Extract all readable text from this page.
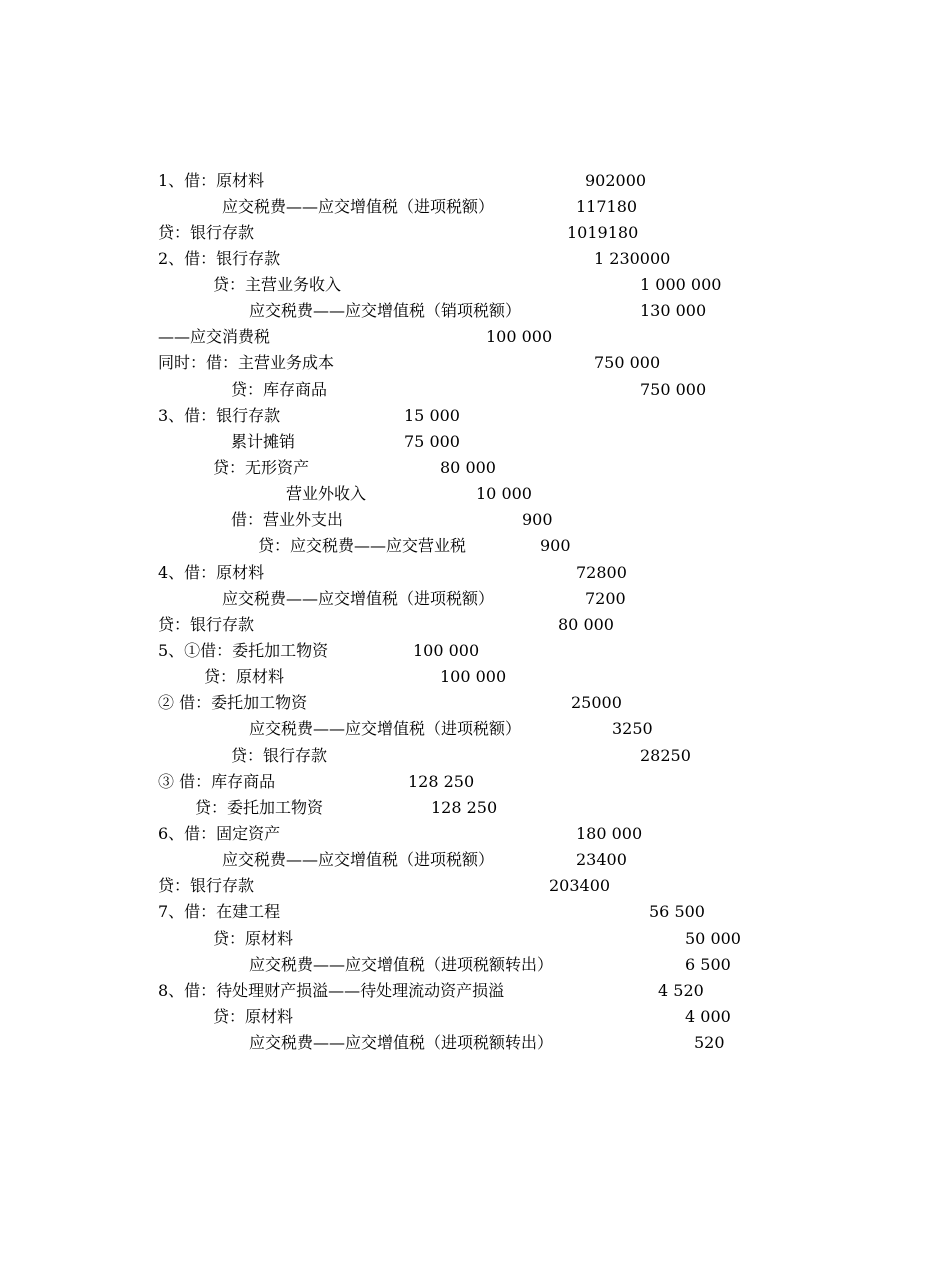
1、借：原材料	902000
应交税费——应交增值税（进项税额）	117180
贷：银行存款	1019180
2、借：银行存款	1 230000
贷：主营业务收入	1 000 000
应交税费——应交增值税（销项税额）	130 000
——应交消费税	100 000
同时：借：主营业务成本	750 000
贷：库存商品	750 000
3、借：银行存款	15 000
累计摊销	75 000
贷：无形资产	80 000
营业外收入	10 000
借：营业外支出	900
贷：应交税费——应交营业税	900
4、借：原材料	72800
应交税费——应交增值税（进项税额）	7200
贷：银行存款	80 000
5、①借：委托加工物资	100 000
贷：原材料	100 000
② 借：委托加工物资	25000
应交税费——应交增值税（进项税额）	3250
贷：银行存款	28250
③ 借：库存商品	128 250
贷：委托加工物资	128 250
6、借：固定资产	180 000
应交税费——应交增值税（进项税额）	23400
贷：银行存款	203400
7、借：在建工程	56 500
贷：原材料	50 000
应交税费——应交增值税（进项税额转出）	6 500
8、借：待处理财产损溢——待处理流动资产损溢	4 520
贷：原材料	4 000
应交税费——应交增值税（进项税额转出）	520
